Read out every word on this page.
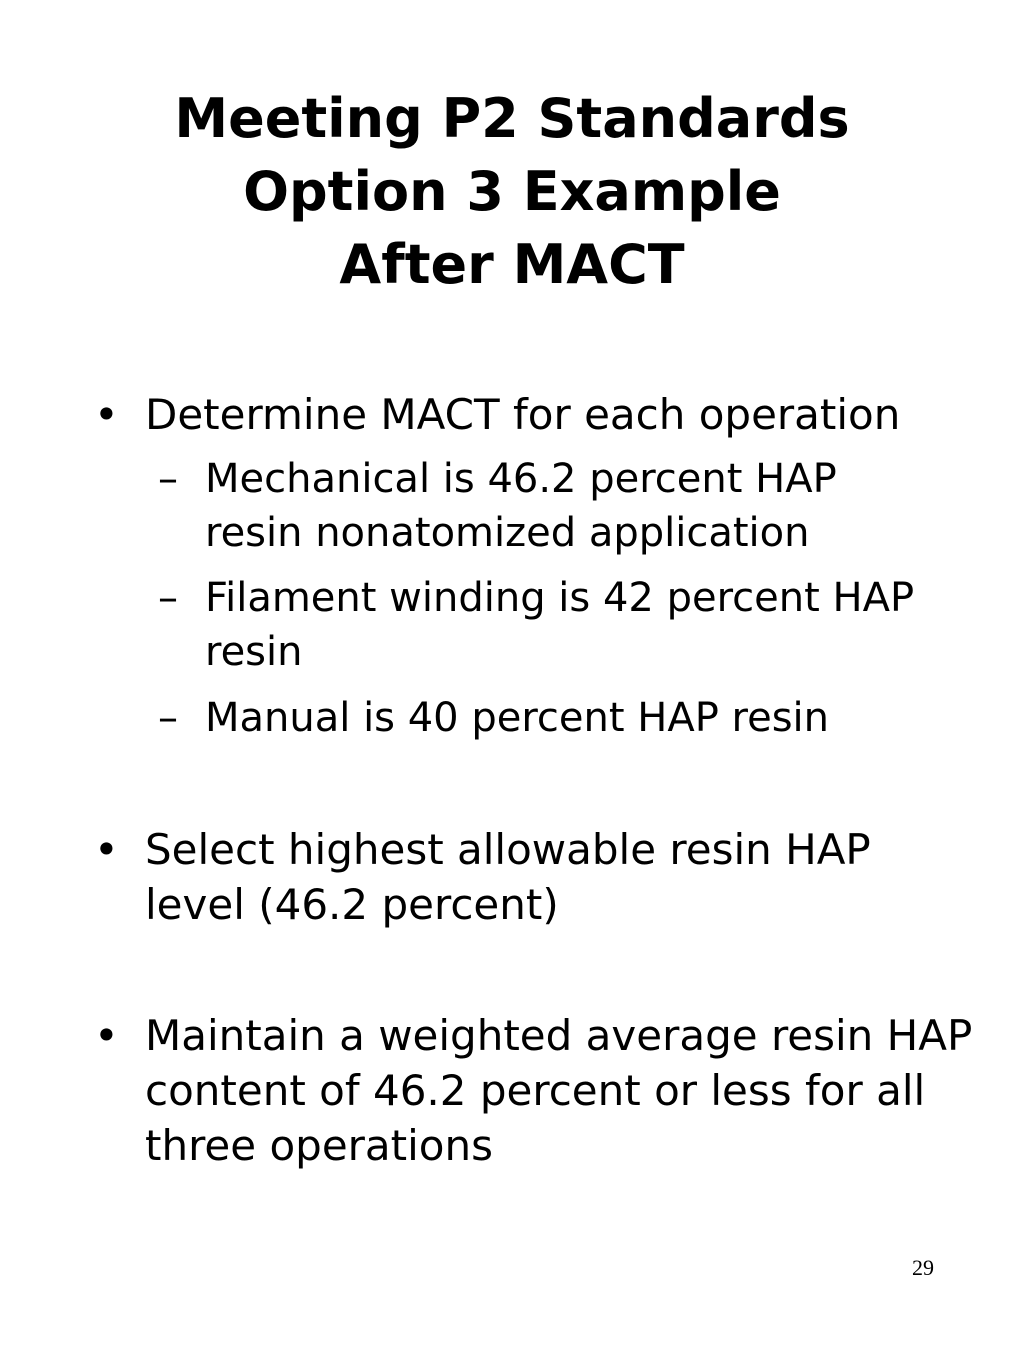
Meeting P2 Standards
Option 3 Example
After MACT
• Determine MACT for each operation
– Mechanical is 46.2 percent HAP
resin nonatomized application
– Filament winding is 42 percent HAP
resin
– Manual is 40 percent HAP resin
• Select highest allowable resin HAP
level (46.2 percent)
• Maintain a weighted average resin HAP
content of 46.2 percent or less for all
three operations
29
